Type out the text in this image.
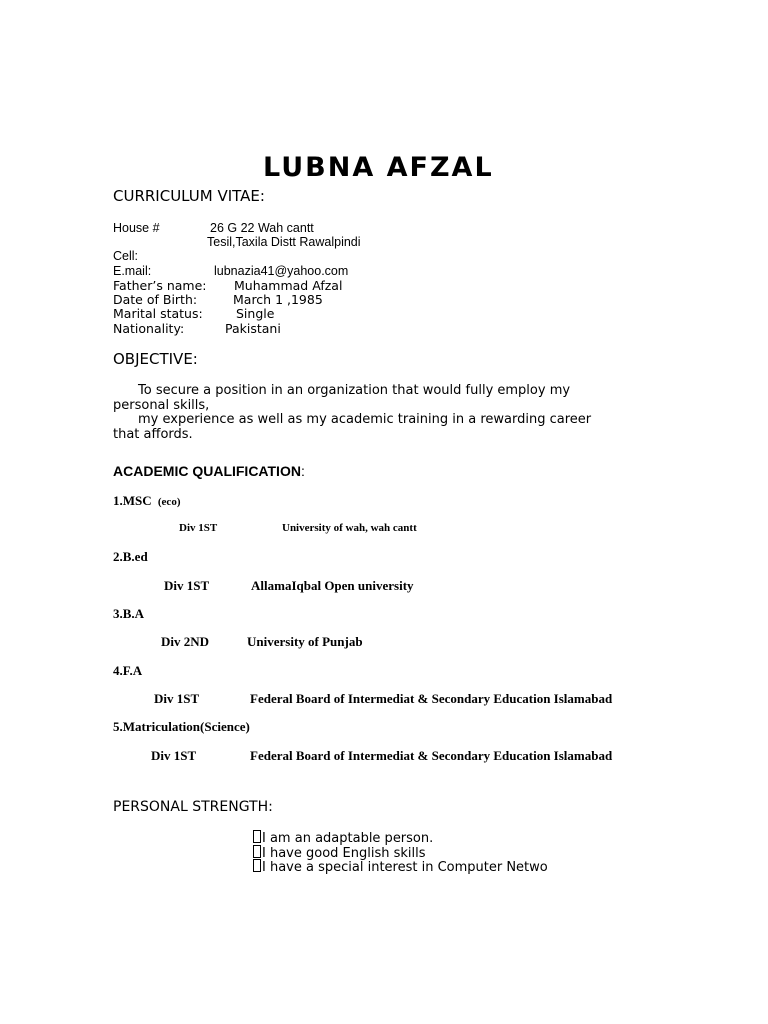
LUBNA AFZAL
CURRICULUM VITAE:
House #	26 G 22 Wah cantt
Tesil,Taxila Distt Rawalpindi
Cell:
E.mail:	lubnazia41@yahoo.com
Father’s name: Muhammad Afzal
Date of Birth:	March 1 ,1985
Marital status:	Single
Nationality:	Pakistani
OBJECTIVE:
To secure a position in an organization that would fully employ my
personal skills,
my experience as well as my academic training in a rewarding career
that affords.
ACADEMIC QUALIFICATION:
1.MSC (eco)
Div 1ST	University of wah, wah cantt
2.B.ed
Div 1ST	AllamaIqbal Open university
3.B.A
Div 2ND	University of Punjab
4.F.A
Div 1ST	Federal Board of Intermediat & Secondary Education Islamabad
5.Matriculation(Science)
Div 1ST	Federal Board of Intermediat & Secondary Education Islamabad
PERSONAL STRENGTH:
I am an adaptable person.
I have good English skills
I have a special interest in Computer Netwo
